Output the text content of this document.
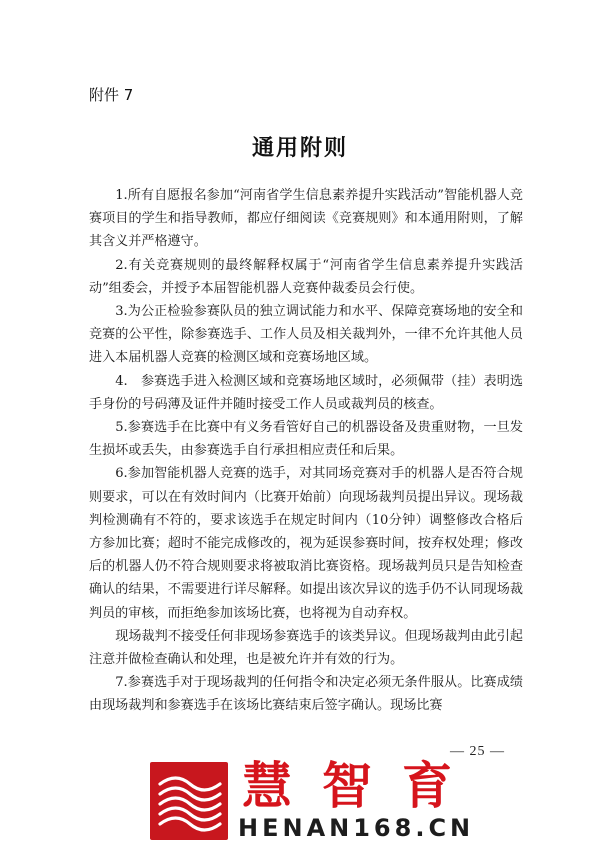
附件 7
通用附则

1.所有自愿报名参加“河南省学生信息素养提升实践活动”智能机器人竞赛项目的学生和指导教师，都应仔细阅读《竞赛规则》和本通用附则，了解其含义并严格遵守。

2.有关竞赛规则的最终解释权属于“河南省学生信息素养提升实践活动”组委会，并授予本届智能机器人竞赛仲裁委员会行使。

3.为公正检验参赛队员的独立调试能力和水平、保障竞赛场地的安全和竞赛的公平性，除参赛选手、工作人员及相关裁判外，一律不允许其他人员进入本届机器人竞赛的检测区域和竞赛场地区域。

4.　参赛选手进入检测区域和竞赛场地区域时，必须佩带（挂）表明选手身份的号码薄及证件并随时接受工作人员或裁判员的核查。

5.参赛选手在比赛中有义务看管好自己的机器设备及贵重财物，一旦发生损坏或丢失，由参赛选手自行承担相应责任和后果。

6.参加智能机器人竞赛的选手，对其同场竞赛对手的机器人是否符合规则要求，可以在有效时间内（比赛开始前）向现场裁判员提出异议。现场裁判检测确有不符的，要求该选手在规定时间内（10分钟）调整修改合格后方参加比赛；超时不能完成修改的，视为延误参赛时间，按弃权处理；修改后的机器人仍不符合规则要求将被取消比赛资格。现场裁判员只是告知检查确认的结果，不需要进行详尽解释。如提出该次异议的选手仍不认同现场裁判员的审核，而拒绝参加该场比赛，也将视为自动弃权。

现场裁判不接受任何非现场参赛选手的该类异议。但现场裁判由此引起注意并做检查确认和处理，也是被允许并有效的行为。

7.参赛选手对于现场裁判的任何指令和决定必须无条件服从。比赛成绩由现场裁判和参赛选手在该场比赛结束后签字确认。现场比赛

— 25 —
慧智育
HENAN168.CN
